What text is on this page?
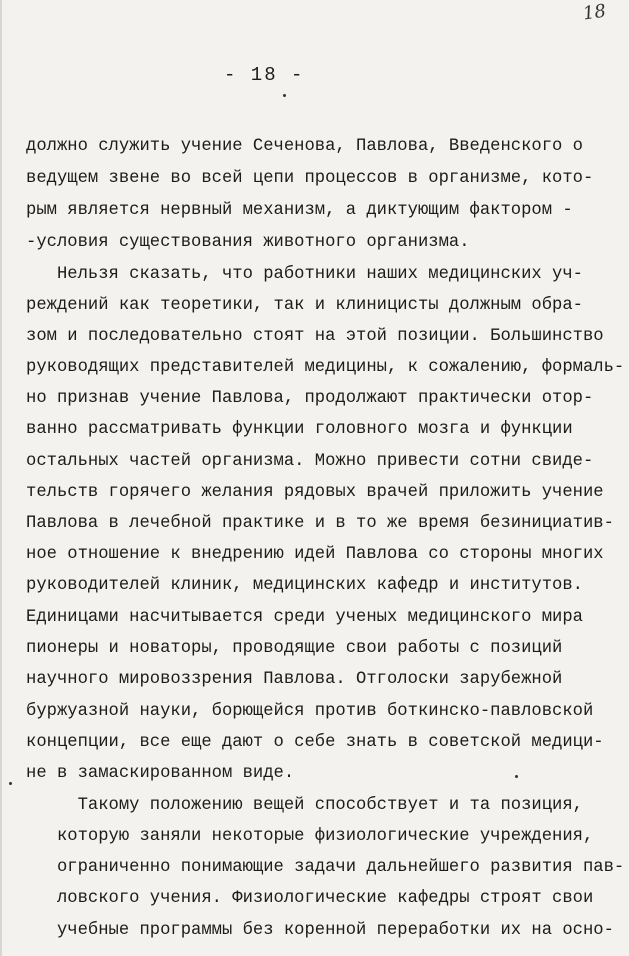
18
- 18 -
должно служить учение Сеченова, Павлова, Введенского о
ведущем звене во всей цепи процессов в организме, кото-
рым является нервный механизм, а диктующим фактором -
-условия существования животного организма.
Нельзя сказать, что работники наших медицинских уч-
реждений как теоретики, так и клиницисты должным обра-
зом и последовательно стоят на этой позиции. Большинство
руководящих представителей медицины, к сожалению, формаль-
но признав учение Павлова, продолжают практически отор-
ванно рассматривать функции головного мозга и функции
остальных частей организма. Можно привести сотни свиде-
тельств горячего желания рядовых врачей приложить учение
Павлова в лечебной практике и в то же время безинициатив-
ное отношение к внедрению идей Павлова со стороны многих
руководителей клиник, медицинских кафедр и институтов.
Единицами насчитывается среди ученых медицинского мира
пионеры и новаторы, проводящие свои работы с позиций
научного мировоззрения Павлова. Отголоски зарубежной
буржуазной науки, борющейся против боткинско-павловской
концепции, все еще дают о себе знать в советской медици-
не в замаскированном виде.
Такому положению вещей способствует и та позиция,
которую заняли некоторые физиологические учреждения,
ограниченно понимающие задачи дальнейшего развития пав-
ловского учения. Физиологические кафедры строят свои
учебные программы без коренной переработки их на осно-
